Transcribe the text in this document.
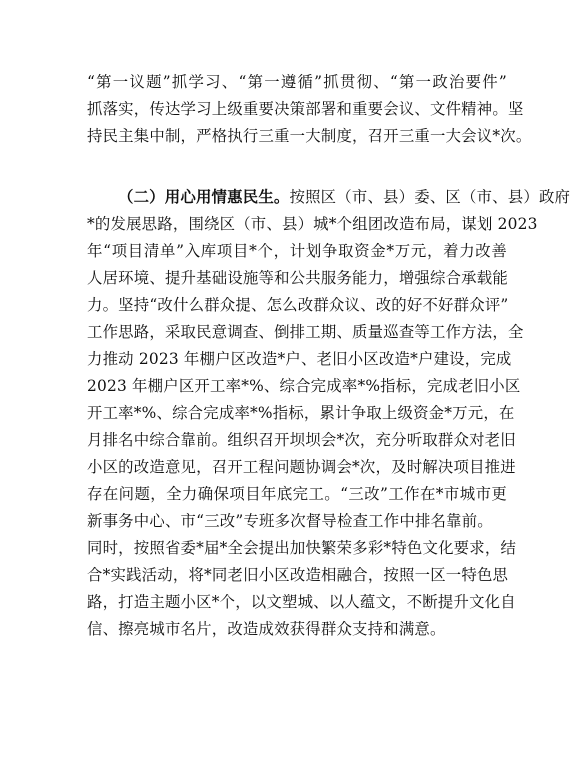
“第一议题”抓学习、“第一遵循”抓贯彻、“第一政治要件”
抓落实，传达学习上级重要决策部署和重要会议、文件精神。坚
持民主集中制，严格执行三重一大制度，召开三重一大会议*次。
（二）用心用情惠民生。按照区（市、县）委、区（市、县）政府
*的发展思路，围绕区（市、县）城*个组团改造布局，谋划 2023
年“项目清单”入库项目*个，计划争取资金*万元，着力改善
人居环境、提升基础设施等和公共服务能力，增强综合承载能
力。坚持“改什么群众提、怎么改群众议、改的好不好群众评”
工作思路，采取民意调查、倒排工期、质量巡查等工作方法，全
力推动 2023 年棚户区改造*户、老旧小区改造*户建设，完成
2023 年棚户区开工率*%、综合完成率*%指标，完成老旧小区
开工率*%、综合完成率*%指标，累计争取上级资金*万元，在
月排名中综合靠前。组织召开坝坝会*次，充分听取群众对老旧
小区的改造意见，召开工程问题协调会*次，及时解决项目推进
存在问题，全力确保项目年底完工。“三改”工作在*市城市更
新事务中心、市“三改”专班多次督导检查工作中排名靠前。
同时，按照省委*届*全会提出加快繁荣多彩*特色文化要求，结
合*实践活动，将*同老旧小区改造相融合，按照一区一特色思
路，打造主题小区*个，以文塑城、以人蕴文，不断提升文化自
信、擦亮城市名片，改造成效获得群众支持和满意。
